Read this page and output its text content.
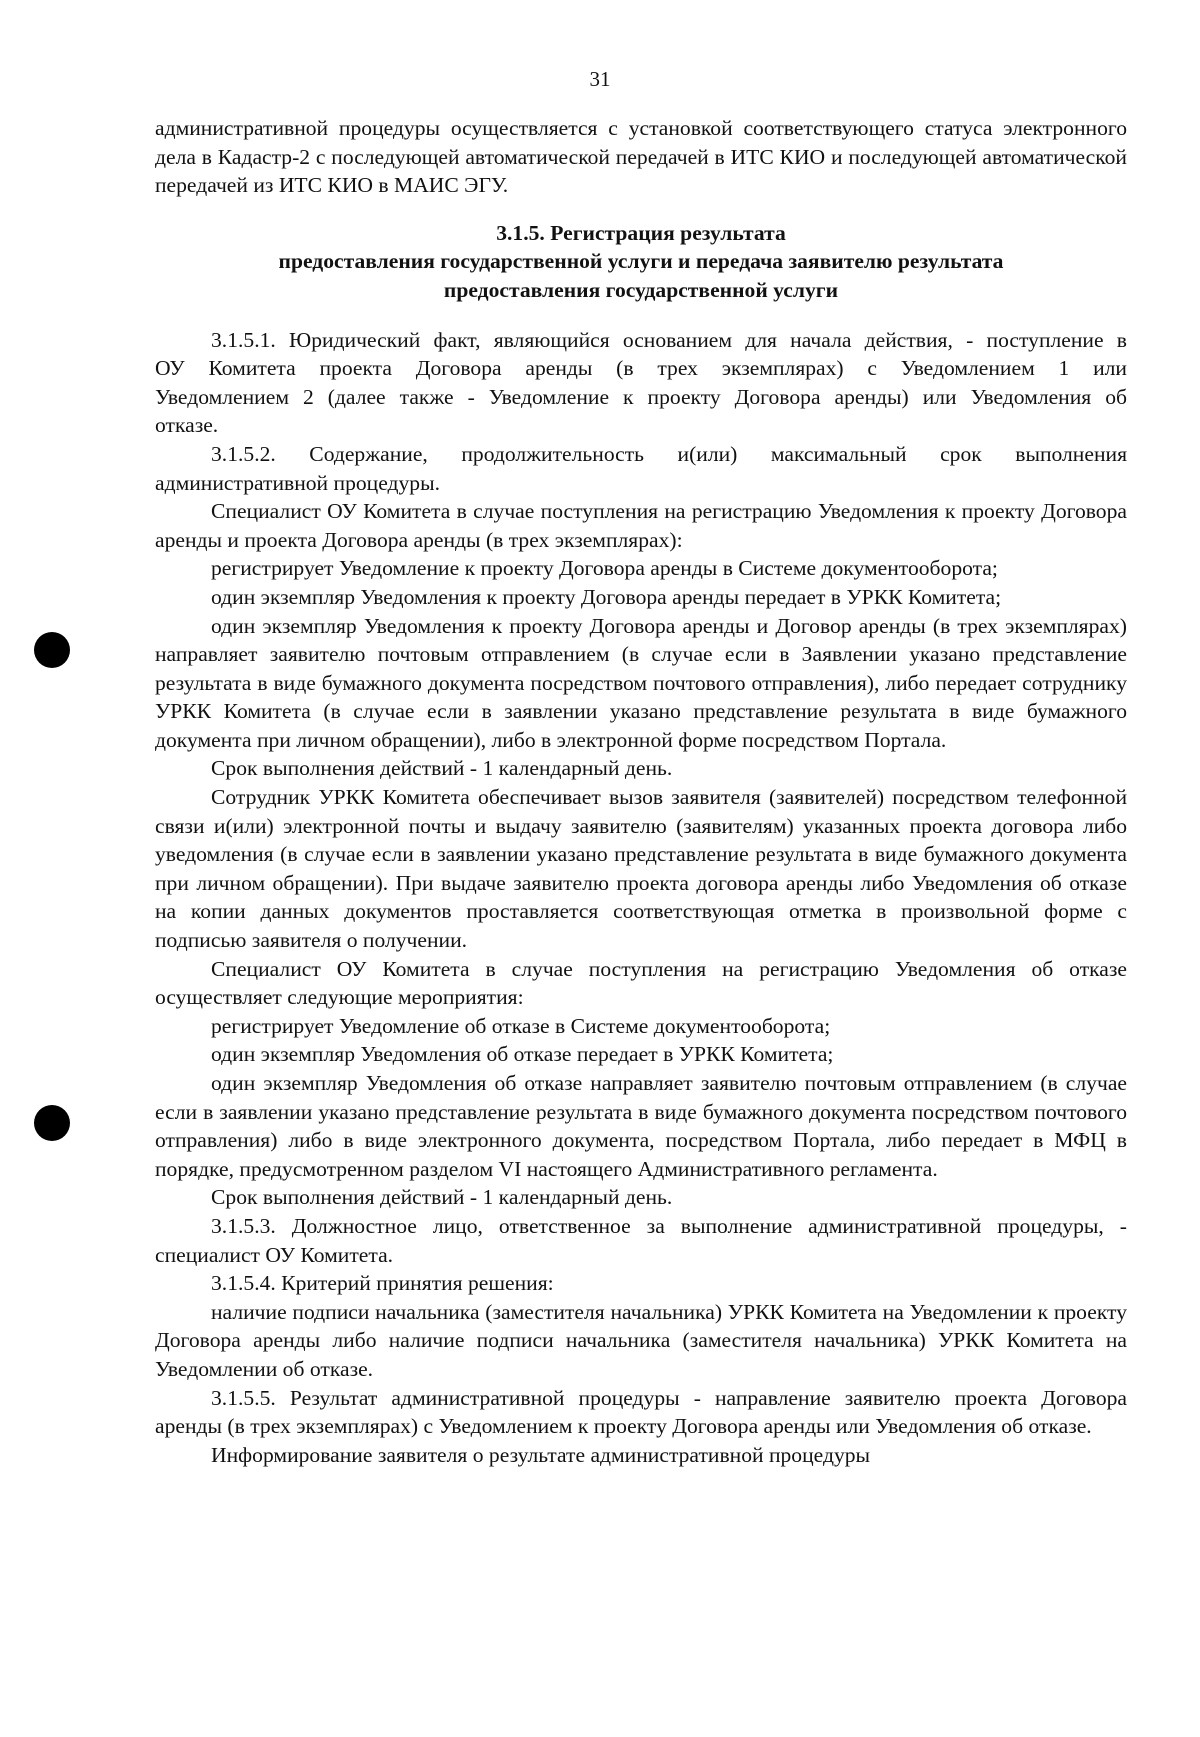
31

административной процедуры осуществляется с установкой соответствующего статуса электронного дела в Кадастр-2 с последующей автоматической передачей в ИТС КИО и последующей автоматической передачей из ИТС КИО в МАИС ЭГУ.

3.1.5. Регистрация результата
предоставления государственной услуги и передача заявителю результата
предоставления государственной услуги

3.1.5.1. Юридический факт, являющийся основанием для начала действия, - поступление в ОУ Комитета проекта Договора аренды (в трех экземплярах) с Уведомлением 1 или Уведомлением 2 (далее также - Уведомление к проекту Договора аренды) или Уведомления об отказе.

3.1.5.2. Содержание, продолжительность и(или) максимальный срок выполнения административной процедуры.

Специалист ОУ Комитета в случае поступления на регистрацию Уведомления к проекту Договора аренды и проекта Договора аренды (в трех экземплярах):

регистрирует Уведомление к проекту Договора аренды в Системе документооборота;

один экземпляр Уведомления к проекту Договора аренды передает в УРКК Комитета;

один экземпляр Уведомления к проекту Договора аренды и Договор аренды (в трех экземплярах) направляет заявителю почтовым отправлением (в случае если в Заявлении указано представление результата в виде бумажного документа посредством почтового отправления), либо передает сотруднику УРКК Комитета (в случае если в заявлении указано представление результата в виде бумажного документа при личном обращении), либо в электронной форме посредством Портала.

Срок выполнения действий - 1 календарный день.

Сотрудник УРКК Комитета обеспечивает вызов заявителя (заявителей) посредством телефонной связи и(или) электронной почты и выдачу заявителю (заявителям) указанных проекта договора либо уведомления (в случае если в заявлении указано представление результата в виде бумажного документа при личном обращении). При выдаче заявителю проекта договора аренды либо Уведомления об отказе на копии данных документов проставляется соответствующая отметка в произвольной форме с подписью заявителя о получении.

Специалист ОУ Комитета в случае поступления на регистрацию Уведомления об отказе осуществляет следующие мероприятия:

регистрирует Уведомление об отказе в Системе документооборота;

один экземпляр Уведомления об отказе передает в УРКК Комитета;

один экземпляр Уведомления об отказе направляет заявителю почтовым отправлением (в случае если в заявлении указано представление результата в виде бумажного документа посредством почтового отправления) либо в виде электронного документа, посредством Портала, либо передает в МФЦ в порядке, предусмотренном разделом VI настоящего Административного регламента.

Срок выполнения действий - 1 календарный день.

3.1.5.3. Должностное лицо, ответственное за выполнение административной процедуры, - специалист ОУ Комитета.

3.1.5.4. Критерий принятия решения:

наличие подписи начальника (заместителя начальника) УРКК Комитета на Уведомлении к проекту Договора аренды либо наличие подписи начальника (заместителя начальника) УРКК Комитета на Уведомлении об отказе.

3.1.5.5. Результат административной процедуры - направление заявителю проекта Договора аренды (в трех экземплярах) с Уведомлением к проекту Договора аренды или Уведомления об отказе.

Информирование заявителя о результате административной процедуры
